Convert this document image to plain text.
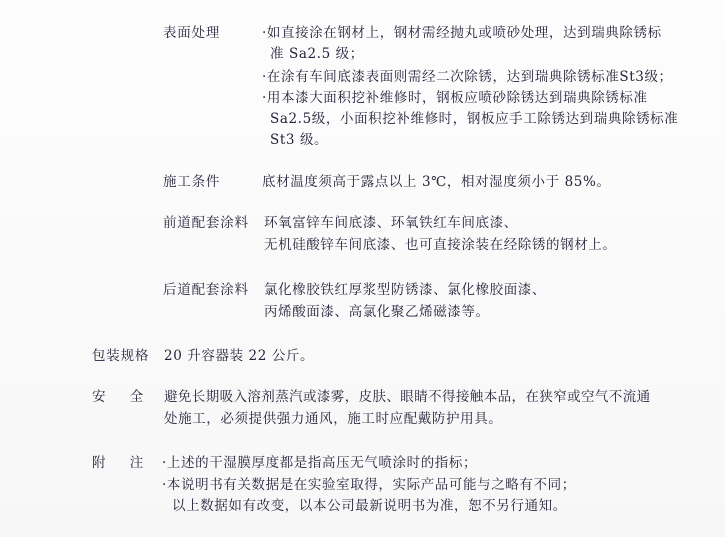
表面处理	·如直接涂在钢材上，钢材需经抛丸或喷砂处理，达到瑞典除锈标
准 Sa2.5 级；
·在涂有车间底漆表面则需经二次除锈，达到瑞典除锈标准St3级；
·用本漆大面积挖补维修时，钢板应喷砂除锈达到瑞典除锈标准
Sa2.5级，小面积挖补维修时，钢板应手工除锈达到瑞典除锈标准
St3 级。
施工条件	底材温度须高于露点以上 3℃，相对湿度须小于 85%。
前道配套涂料 环氧富锌车间底漆、环氧铁红车间底漆、
无机硅酸锌车间底漆、也可直接涂装在经除锈的钢材上。
后道配套涂料 氯化橡胶铁红厚浆型防锈漆、氯化橡胶面漆、
丙烯酸面漆、高氯化聚乙烯磁漆等。
包装规格 20 升容器装 22 公斤。
安 全 避免长期吸入溶剂蒸汽或漆雾，皮肤、眼睛不得接触本品，在狭窄或空气不流通
处施工，必须提供强力通风，施工时应配戴防护用具。
附 注 ·上述的干湿膜厚度都是指高压无气喷涂时的指标；
·本说明书有关数据是在实验室取得，实际产品可能与之略有不同；
以上数据如有改变，以本公司最新说明书为准，恕不另行通知。
